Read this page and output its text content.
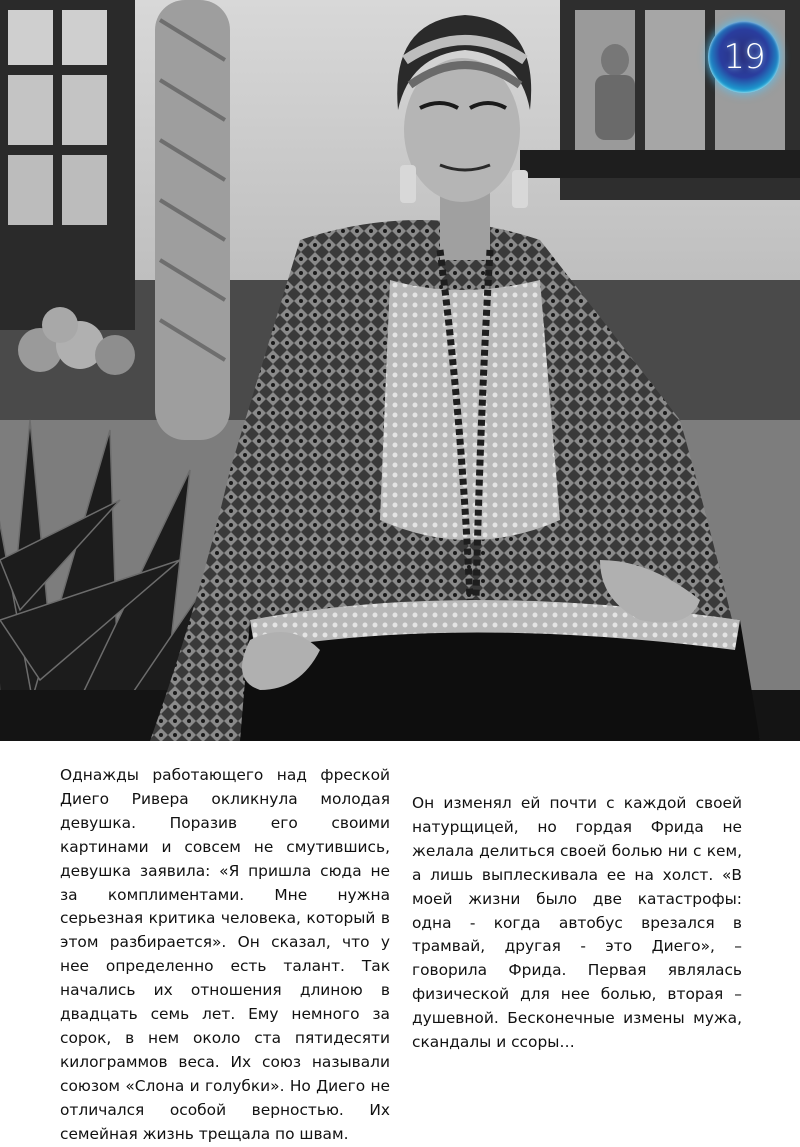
19

Однажды работающего над фреской Диего Ривера окликнула молодая девушка. Поразив его своими картинами и совсем не смутившись, девушка заявила: «Я пришла сюда не за комплиментами. Мне нужна серьезная критика человека, который в этом разбирается». Он сказал, что у нее определенно есть талант. Так начались их отношения длиною в двадцать семь лет. Ему немного за сорок, в нем около ста пятидесяти килограммов веса. Их союз называли союзом «Слона и голубки». Но Диего не отличался особой верностью. Их семейная жизнь трещала по швам.

Он изменял ей почти с каждой своей натурщицей, но гордая Фрида не желала делиться своей болью ни с кем, а лишь выплескивала ее на холст. «В моей жизни было две катастрофы: одна - когда автобус врезался в трамвай, другая - это Диего», – говорила Фрида. Первая являлась физической для нее болью, вторая – душевной. Бесконечные измены мужа, скандалы и ссоры…
